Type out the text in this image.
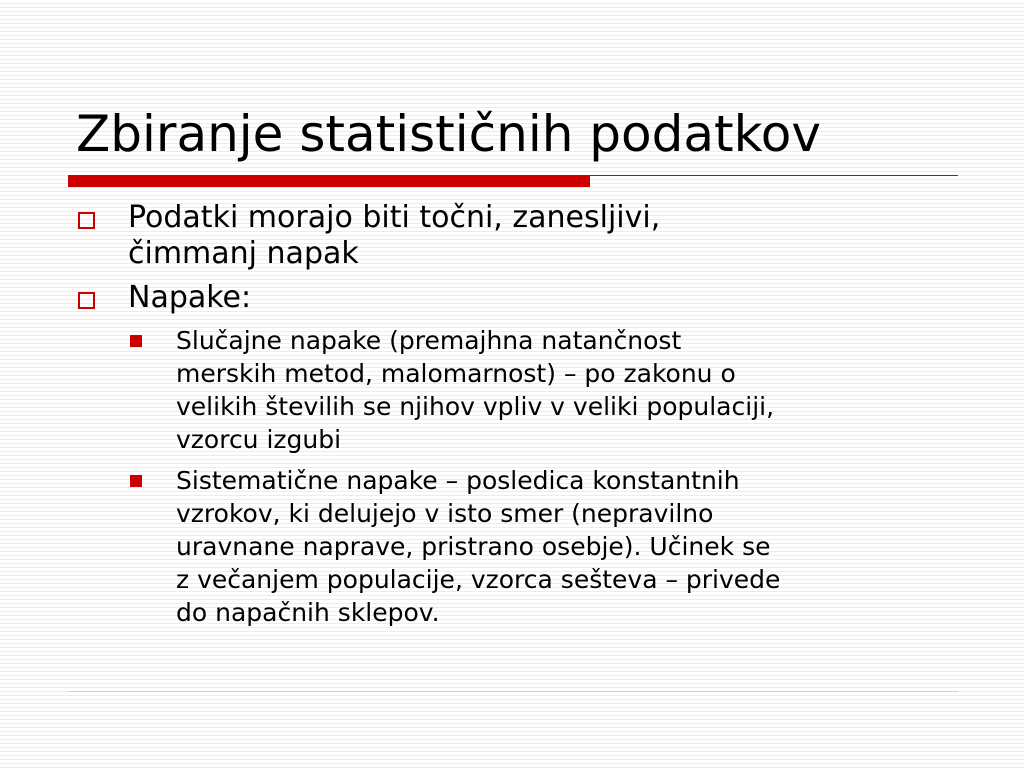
Zbiranje statističnih podatkov
Podatki morajo biti točni, zanesljivi,
čimmanj napak
Napake:
Slučajne napake (premajhna natančnost
merskih metod, malomarnost) – po zakonu o
velikih številih se njihov vpliv v veliki populaciji,
vzorcu izgubi
Sistematične napake – posledica konstantnih
vzrokov, ki delujejo v isto smer (nepravilno
uravnane naprave, pristrano osebje). Učinek se
z večanjem populacije, vzorca sešteva – privede
do napačnih sklepov.
